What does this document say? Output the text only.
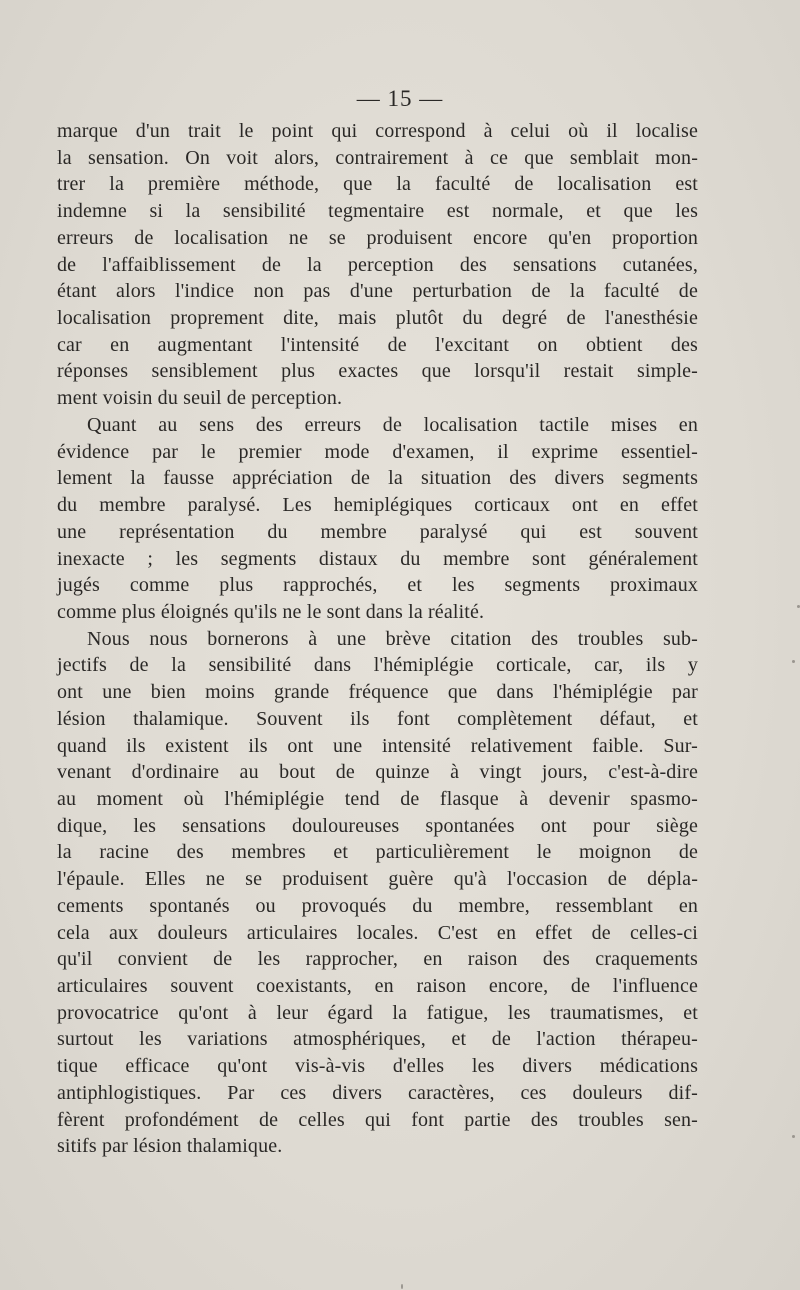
— 15 —
marque d'un trait le point qui correspond à celui où il localise
la sensation. On voit alors, contrairement à ce que semblait mon-
trer la première méthode, que la faculté de localisation est
indemne si la sensibilité tegmentaire est normale, et que les
erreurs de localisation ne se produisent encore qu'en proportion
de l'affaiblissement de la perception des sensations cutanées,
étant alors l'indice non pas d'une perturbation de la faculté de
localisation proprement dite, mais plutôt du degré de l'anesthésie
car en augmentant l'intensité de l'excitant on obtient des
réponses sensiblement plus exactes que lorsqu'il restait simple-
ment voisin du seuil de perception.
Quant au sens des erreurs de localisation tactile mises en
évidence par le premier mode d'examen, il exprime essentiel-
lement la fausse appréciation de la situation des divers segments
du membre paralysé. Les hemiplégiques corticaux ont en effet
une représentation du membre paralysé qui est souvent
inexacte ; les segments distaux du membre sont généralement
jugés comme plus rapprochés, et les segments proximaux
comme plus éloignés qu'ils ne le sont dans la réalité.
Nous nous bornerons à une brève citation des troubles sub-
jectifs de la sensibilité dans l'hémiplégie corticale, car, ils y
ont une bien moins grande fréquence que dans l'hémiplégie par
lésion thalamique. Souvent ils font complètement défaut, et
quand ils existent ils ont une intensité relativement faible. Sur-
venant d'ordinaire au bout de quinze à vingt jours, c'est-à-dire
au moment où l'hémiplégie tend de flasque à devenir spasmo-
dique, les sensations douloureuses spontanées ont pour siège
la racine des membres et particulièrement le moignon de
l'épaule. Elles ne se produisent guère qu'à l'occasion de dépla-
cements spontanés ou provoqués du membre, ressemblant en
cela aux douleurs articulaires locales. C'est en effet de celles-ci
qu'il convient de les rapprocher, en raison des craquements
articulaires souvent coexistants, en raison encore, de l'influence
provocatrice qu'ont à leur égard la fatigue, les traumatismes, et
surtout les variations atmosphériques, et de l'action thérapeu-
tique efficace qu'ont vis-à-vis d'elles les divers médications
antiphlogistiques. Par ces divers caractères, ces douleurs dif-
fèrent profondément de celles qui font partie des troubles sen-
sitifs par lésion thalamique.
